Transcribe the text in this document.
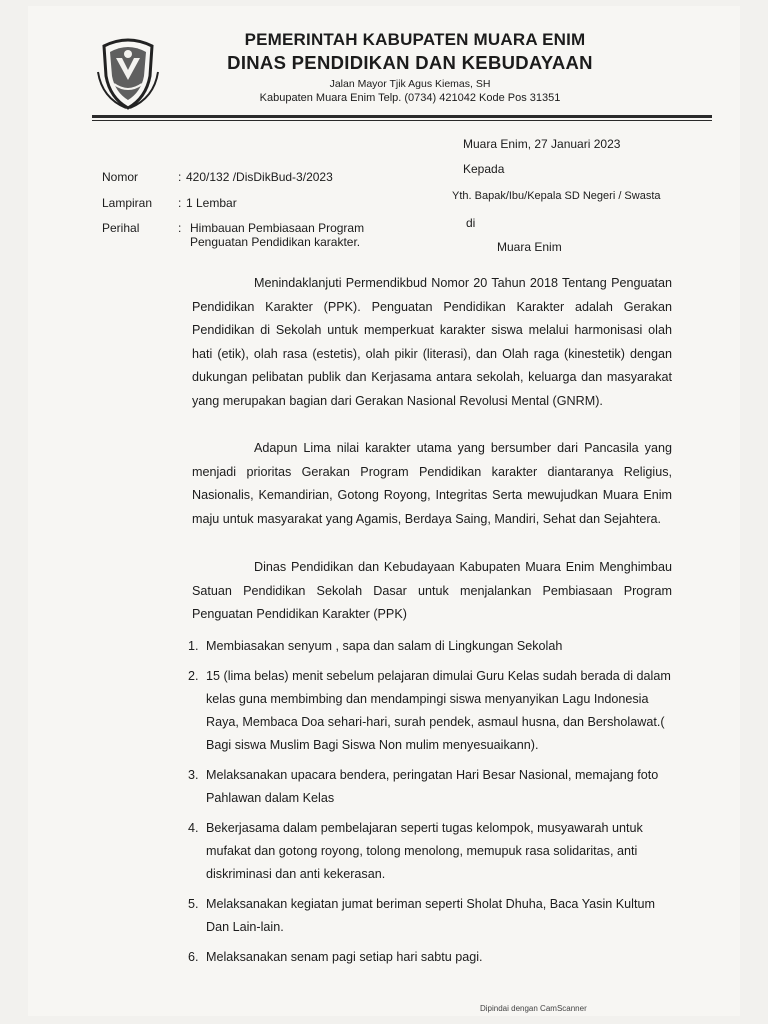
PEMERINTAH KABUPATEN MUARA ENIM
DINAS PENDIDIKAN DAN KEBUDAYAAN
Jalan Mayor Tjik Agus Kiemas, SH
Kabupaten Muara Enim Telp. (0734) 421042 Kode Pos 31351
Muara Enim, 27 Januari 2023
Kepada
Yth. Bapak/Ibu/Kepala SD Negeri / Swasta
di
Muara Enim
Nomor	: 420/132 /DisDikBud-3/2023
Lampiran : 1 Lembar
Perihal	: Himbauan Pembiasaan Program
Penguatan Pendidikan karakter.

Menindaklanjuti Permendikbud Nomor 20 Tahun 2018 Tentang Penguatan Pendidikan Karakter (PPK). Penguatan Pendidikan Karakter adalah Gerakan Pendidikan di Sekolah untuk memperkuat karakter siswa melalui harmonisasi olah hati (etik), olah rasa (estetis), olah pikir (literasi), dan Olah raga (kinestetik) dengan dukungan pelibatan publik dan Kerjasama antara sekolah, keluarga dan masyarakat yang merupakan bagian dari Gerakan Nasional Revolusi Mental (GNRM).

Adapun Lima nilai karakter utama yang bersumber dari Pancasila yang menjadi prioritas Gerakan Program Pendidikan karakter diantaranya Religius, Nasionalis, Kemandirian, Gotong Royong, Integritas Serta mewujudkan Muara Enim maju untuk masyarakat yang Agamis, Berdaya Saing, Mandiri, Sehat dan Sejahtera.

Dinas Pendidikan dan Kebudayaan Kabupaten Muara Enim Menghimbau Satuan Pendidikan Sekolah Dasar untuk menjalankan Pembiasaan Program Penguatan Pendidikan Karakter (PPK)

1. Membiasakan senyum , sapa dan salam di Lingkungan Sekolah
2. 15 (lima belas) menit sebelum pelajaran dimulai Guru Kelas sudah berada di dalam kelas guna membimbing dan mendampingi siswa menyanyikan Lagu Indonesia Raya, Membaca Doa sehari-hari, surah pendek, asmaul husna, dan Bersholawat.( Bagi siswa Muslim Bagi Siswa Non mulim menyesuaikann).
3. Melaksanakan upacara bendera, peringatan Hari Besar Nasional, memajang foto Pahlawan dalam Kelas
4. Bekerjasama dalam pembelajaran seperti tugas kelompok, musyawarah untuk mufakat dan gotong royong, tolong menolong, memupuk rasa solidaritas, anti diskriminasi dan anti kekerasan.
5. Melaksanakan kegiatan jumat beriman seperti Sholat Dhuha, Baca Yasin Kultum Dan Lain-lain.
6. Melaksanakan senam pagi setiap hari sabtu pagi.
Dipindai dengan CamScanner
